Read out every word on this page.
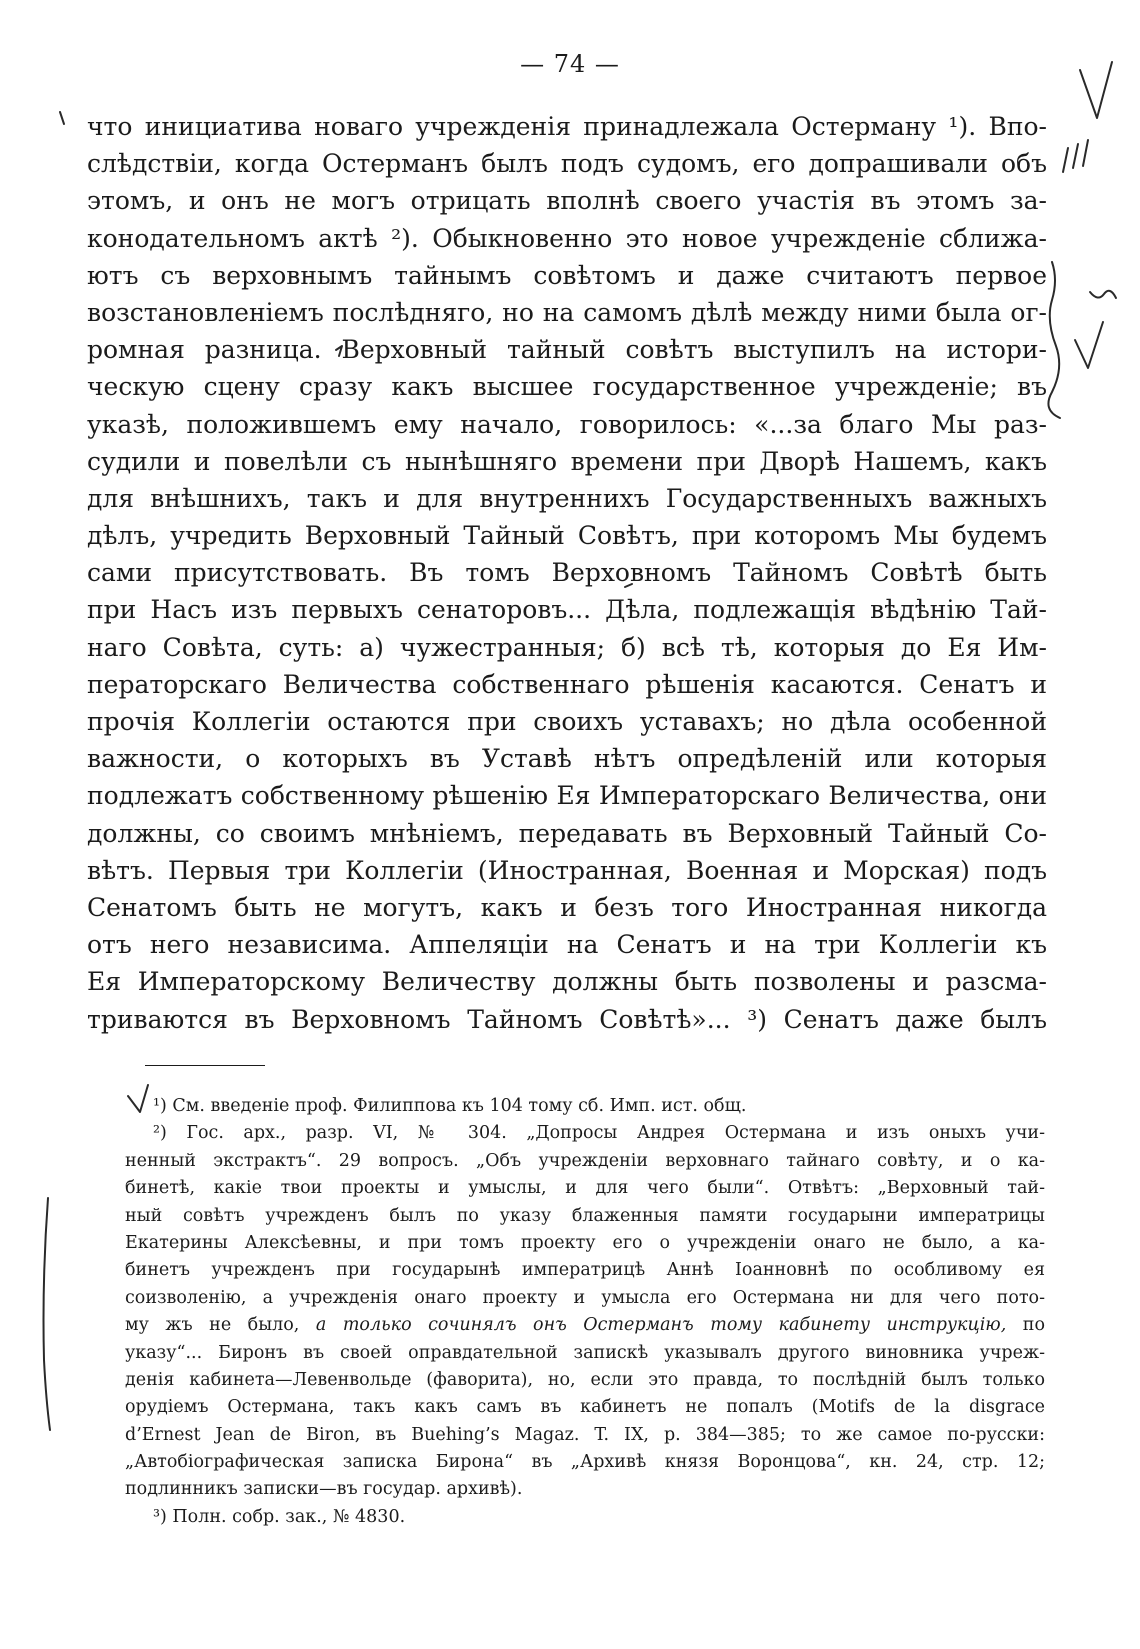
— 74 —
что инициатива новаго учрежденія принадлежала Остерману ¹). Впо-
слѣдствіи, когда Остерманъ былъ подъ судомъ, его допрашивали объ
этомъ, и онъ не могъ отрицать вполнѣ своего участія въ этомъ за-
конодательномъ актѣ ²). Обыкновенно это новое учрежденіе сближа-
ютъ съ верховнымъ тайнымъ совѣтомъ и даже считаютъ первое
возстановленіемъ послѣдняго, но на самомъ дѣлѣ между ними была ог-
ромная разница. Верховный тайный совѣтъ выступилъ на истори-
ческую сцену сразу какъ высшее государственное учрежденіе; въ
указѣ, положившемъ ему начало, говорилось: «...за благо Мы раз-
судили и повелѣли съ нынѣшняго времени при Дворѣ Нашемъ, какъ
для внѣшнихъ, такъ и для внутреннихъ Государственныхъ важныхъ
дѣлъ, учредить Верховный Тайный Совѣтъ, при которомъ Мы будемъ
сами присутствовать. Въ томъ Верховномъ Тайномъ Совѣтѣ быть
при Насъ изъ первыхъ сенаторовъ... Дѣла, подлежащія вѣдѣнію Тай-
наго Совѣта, суть: а) чужестранныя; б) всѣ тѣ, которыя до Ея Им-
ператорскаго Величества собственнаго рѣшенія касаются. Сенатъ и
прочія Коллегіи остаются при своихъ уставахъ; но дѣла особенной
важности, о которыхъ въ Уставѣ нѣтъ опредѣленій или которыя
подлежатъ собственному рѣшенію Ея Императорскаго Величества, они
должны, со своимъ мнѣніемъ, передавать въ Верховный Тайный Со-
вѣтъ. Первыя три Коллегіи (Иностранная, Военная и Морская) подъ
Сенатомъ быть не могутъ, какъ и безъ того Иностранная никогда
отъ него независима. Аппеляціи на Сенатъ и на три Коллегіи къ
Ея Императорскому Величеству должны быть позволены и разсма-
триваются въ Верховномъ Тайномъ Совѣтѣ»... ³) Сенатъ даже былъ
¹) См. введеніе проф. Филиппова къ 104 тому сб. Имп. ист. общ.
²) Гос. арх., разр. VI, № 304. „Допросы Андрея Остермана и изъ оныхъ учи-
ненный экстрактъ“. 29 вопросъ. „Объ учрежденіи верховнаго тайнаго совѣту, и о ка-
бинетѣ, какіе твои проекты и умыслы, и для чего были“. Отвѣтъ: „Верховный тай-
ный совѣтъ учрежденъ былъ по указу блаженныя памяти государыни императрицы
Екатерины Алексѣевны, и при томъ проекту его о учрежденіи онаго не было, а ка-
бинетъ учрежденъ при государынѣ императрицѣ Аннѣ Іоанновнѣ по особливому ея
соизволенію, а учрежденія онаго проекту и умысла его Остермана ни для чего пото-
му жъ не было, а только сочинялъ онъ Остерманъ тому кабинету инструкцію, по
указу“... Биронъ въ своей оправдательной запискѣ указывалъ другого виновника учреж-
денія кабинета—Левенвольде (фаворита), но, если это правда, то послѣдній былъ только
орудіемъ Остермана, такъ какъ самъ въ кабинетъ не попалъ (Motifs de la disgrace
d’Ernest Jean de Biron, въ Buehing’s Magaz. T. IX, p. 384—385; то же самое по-русски:
„Автобіографическая записка Бирона“ въ „Архивѣ князя Воронцова“, кн. 24, стр. 12;
подлинникъ записки—въ государ. архивѣ).
³) Полн. собр. зак., № 4830.
